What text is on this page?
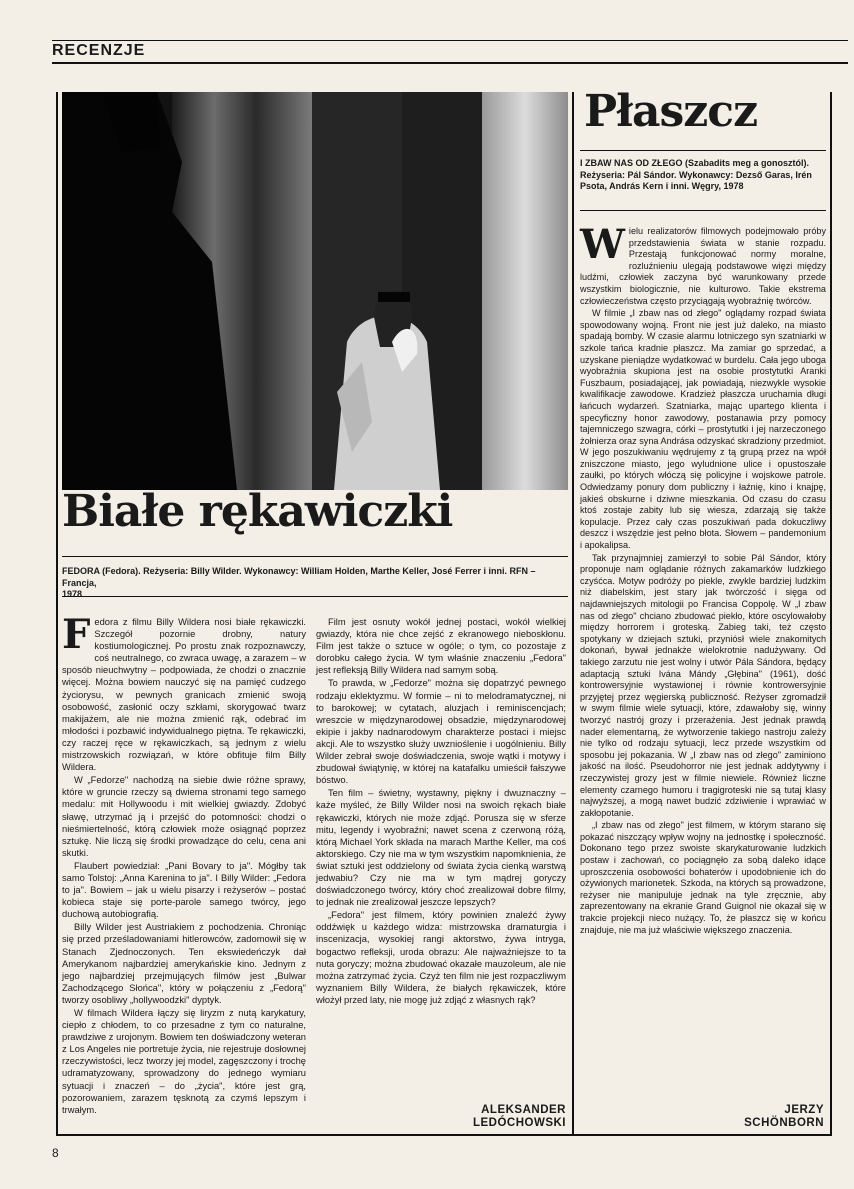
RECENZJE
Białe rękawiczki
FEDORA (Fedora). Reżyseria: Billy Wilder. Wykonawcy: William Holden, Marthe Keller, José Ferrer i inni. RFN – Francja,
1978

Fedora z filmu Billy Wildera nosi białe rękawiczki. Szczegół pozornie drobny, natury kostiumologicznej. Po prostu znak rozpoznawczy, coś neutralnego, co zwraca uwagę, a zarazem – w sposób nieuchwytny – podpowiada, że chodzi o znacznie więcej. Można bowiem nauczyć się na pamięć cudzego życiorysu, w pewnych granicach zmienić swoją osobowość, zasłonić oczy szkłami, skorygować twarz makijażem, ale nie można zmienić rąk, odebrać im młodości i pozbawić indywidualnego piętna. Te rękawiczki, czy raczej ręce w rękawiczkach, są jednym z wielu mistrzowskich rozwiązań, w które obfituje film Billy Wildera.

W „Fedorze" nachodzą na siebie dwie różne sprawy, które w gruncie rzeczy są dwiema stronami tego samego medalu: mit Hollywoodu i mit wielkiej gwiazdy. Zdobyć sławę, utrzymać ją i przejść do potomności: chodzi o nieśmiertelność, którą człowiek może osiągnąć poprzez sztukę. Nie liczą się środki prowadzące do celu, cena ani skutki.

Flaubert powiedział: „Pani Bovary to ja". Mógłby tak samo Tolstoj: „Anna Karenina to ja". I Billy Wilder: „Fedora to ja". Bowiem – jak u wielu pisarzy i reżyserów – postać kobieca staje się porte-parole samego twórcy, jego duchową autobiografią.

Billy Wilder jest Austriakiem z pochodzenia. Chroniąc się przed prześladowaniami hitlerowców, zadomowił się w Stanach Zjednoczonych. Ten ekswiedeńczyk dał Amerykanom najbardziej amerykańskie kino. Jednym z jego najbardziej przejmujących filmów jest „Bulwar Zachodzącego Słońca", który w połączeniu z „Fedorą" tworzy osobliwy „hollywoodzki" dyptyk.

W filmach Wildera łączy się liryzm z nutą karykatury, ciepło z chłodem, to co przesadne z tym co naturalne, prawdziwe z urojonym. Bowiem ten doświadczony weteran z Los Angeles nie portretuje życia, nie rejestruje dosłownej rzeczywistości, lecz tworzy jej model, zagęszczony i trochę udramatyzowany, sprowadzony do jednego wymiaru sytuacji i znaczeń – do „życia", które jest grą, pozorowaniem, zarazem tęsknotą za czymś lepszym i trwałym.

Film jest osnuty wokół jednej postaci, wokół wielkiej gwiazdy, która nie chce zejść z ekranowego nieboskłonu. Film jest także o sztuce w ogóle; o tym, co pozostaje z dorobku całego życia. W tym właśnie znaczeniu „Fedora" jest refleksją Billy Wildera nad samym sobą.

To prawda, w „Fedorze" można się dopatrzyć pewnego rodzaju eklektyzmu. W formie – ni to melodramatycznej, ni to barokowej; w cytatach, aluzjach i reminiscencjach; wreszcie w międzynarodowej obsadzie, międzynarodowej ekipie i jakby nadnarodowym charakterze postaci i miejsc akcji. Ale to wszystko służy uwznioślenie i uogólnieniu. Billy Wilder zebrał swoje doświadczenia, swoje wątki i motywy i zbudował świątynię, w której na katafalku umieścił fałszywe bóstwo.

Ten film – świetny, wystawny, piękny i dwuznaczny – każe myśleć, że Billy Wilder nosi na swoich rękach białe rękawiczki, których nie może zdjąć. Porusza się w sferze mitu, legendy i wyobraźni; nawet scena z czerwoną różą, którą Michael York składa na marach Marthe Keller, ma coś aktorskiego. Czy nie ma w tym wszystkim napomknienia, że świat sztuki jest oddzielony od świata życia cienką warstwą jedwabiu? Czy nie ma w tym mądrej goryczy doświadczonego twórcy, który choć zrealizował dobre filmy, to jednak nie zrealizował jeszcze lepszych?

„Fedora" jest filmem, który powinien znaleźć żywy oddźwięk u każdego widza: mistrzowska dramaturgia i inscenizacja, wysokiej rangi aktorstwo, żywa intryga, bogactwo refleksji, uroda obrazu: Ale najważniejsze to ta nuta goryczy; można zbudować okazałe mauzoleum, ale nie można zatrzymać życia. Czyż ten film nie jest rozpaczliwym wyznaniem Billy Wildera, że białych rękawiczek, które włożył przed laty, nie mogę już zdjąć z własnych rąk?

ALEKSANDER
LEDÓCHOWSKI
Płaszcz
I ZBAW NAS OD ZŁEGO (Szabadits meg a gonosztól). Reżyseria: Pál Sándor. Wykonawcy: Dezső Garas, Irén Psota, András Kern i inni. Węgry, 1978

Wielu realizatorów filmowych podejmowało próby przedstawienia świata w stanie rozpadu. Przestają funkcjonować normy moralne, rozluźnieniu ulegają podstawowe więzi między ludźmi, człowiek zaczyna być warunkowany przede wszystkim biologicznie, nie kulturowo. Takie ekstrema człowieczeństwa często przyciągają wyobraźnię twórców.

W filmie „I zbaw nas od złego" oglądamy rozpad świata spowodowany wojną. Front nie jest już daleko, na miasto spadają bomby. W czasie alarmu lotniczego syn szatniarki w szkole tańca kradnie płaszcz. Ma zamiar go sprzedać, a uzyskane pieniądze wydatkować w burdelu. Cała jego uboga wyobraźnia skupiona jest na osobie prostytutki Aranki Fuszbaum, posiadającej, jak powiadają, niezwykle wysokie kwalifikacje zawodowe. Kradzież płaszcza uruchamia długi łańcuch wydarzeń. Szatniarka, mając upartego klienta i specyficzny honor zawodowy, postanawia przy pomocy tajemniczego szwagra, córki – prostytutki i jej narzeczonego żołnierza oraz syna Andrása odzyskać skradziony przedmiot. W jego poszukiwaniu wędrujemy z tą grupą przez na wpół zniszczone miasto, jego wyludnione ulice i opustoszałe zaułki, po których włóczą się policyjne i wojskowe patrole. Odwiedzamy ponury dom publiczny i łaźnię, kino i knajpę, jakieś obskurne i dziwne mieszkania. Od czasu do czasu ktoś zostaje zabity lub się wiesza, zdarzają się także kopulacje. Przez cały czas poszukiwań pada dokuczliwy deszcz i wszędzie jest pełno błota. Słowem – pandemonium i apokalipsa.

Tak przynajmniej zamierzył to sobie Pál Sándor, który proponuje nam oglądanie różnych zakamarków ludzkiego czyśćca. Motyw podróży po piekle, zwykle bardziej ludzkim niż diabelskim, jest stary jak twórczość i sięga od najdawniejszych mitologii po Francisa Coppolę. W „I zbaw nas od złego" chciano zbudować piekło, które oscylowałoby między horrorem i groteską. Zabieg taki, też często spotykany w dziejach sztuki, przyniósł wiele znakomitych dokonań, bywał jednakże wielokrotnie nadużywany. Od takiego zarzutu nie jest wolny i utwór Pála Sándora, będący adaptacją sztuki Ivána Mándy „Głębina" (1961), dość kontrowersyjnie wystawionej i równie kontrowersyjnie przyjętej przez węgierską publiczność. Reżyser zgromadził w swym filmie wiele sytuacji, które, zdawałoby się, winny tworzyć nastrój grozy i przerażenia. Jest jednak prawdą nader elementarną, że wytworzenie takiego nastroju zależy nie tylko od rodzaju sytuacji, lecz przede wszystkim od sposobu jej pokazania. W „I zbaw nas od złego" zaminiono jakość na ilość. Pseudohorror nie jest jednak addytywny i rzeczywistej grozy jest w filmie niewiele. Również liczne elementy czarnego humoru i tragigroteski nie są tutaj klasy najwyższej, a mogą nawet budzić zdziwienie i wprawiać w zakłopotanie.

„I zbaw nas od złego" jest filmem, w którym starano się pokazać niszczący wpływ wojny na jednostkę i społeczność. Dokonano tego przez swoiste skarykaturowanie ludzkich postaw i zachowań, co pociągnęło za sobą daleko idące uproszczenia osobowości bohaterów i upodobnienie ich do ożywionych marionetek. Szkoda, na których są prowadzone, reżyser nie manipuluje jednak na tyle zręcznie, aby zaprezentowany na ekranie Grand Guignol nie okazał się w trakcie projekcji nieco nużący. To, że płaszcz się w końcu znajduje, nie ma już właściwie większego znaczenia.

JERZY
SCHÖNBORN
8
